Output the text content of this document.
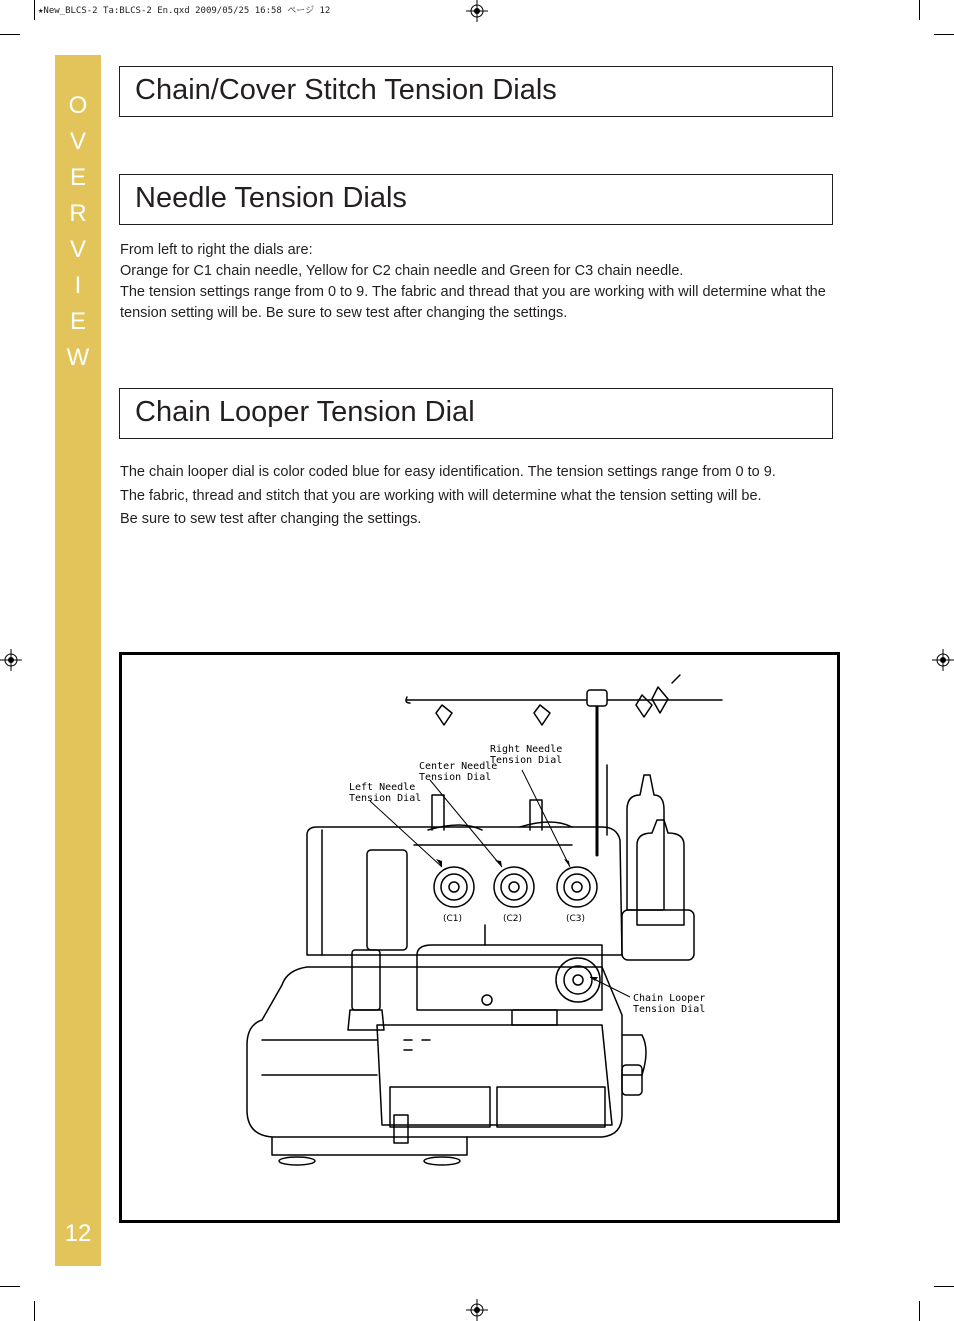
★New_BLCS-2 Ta:BLCS-2 En.qxd 2009/05/25 16:58 ページ 12
O
V
E
R
V
I
E
W
12
Chain/Cover Stitch Tension Dials
Needle Tension Dials

From left to right the dials are:

Orange for C1 chain needle, Yellow for C2 chain needle and Green for C3 chain needle.

The tension settings range from 0 to 9. The fabric and thread that you are working with will determine what the tension setting will be. Be sure to sew test after changing the settings.

Chain Looper Tension Dial

The chain looper dial is color coded blue for easy identification. The tension settings range from 0 to 9.

The fabric, thread and stitch that you are working with will determine what the tension setting will be.

Be sure to sew test after changing the settings.

Right Needle
Tension Dial
Center Needle
Tension Dial
Left Needle
Tension Dial
Chain Looper
Tension Dial
(C1)	(C2)	(C3)
